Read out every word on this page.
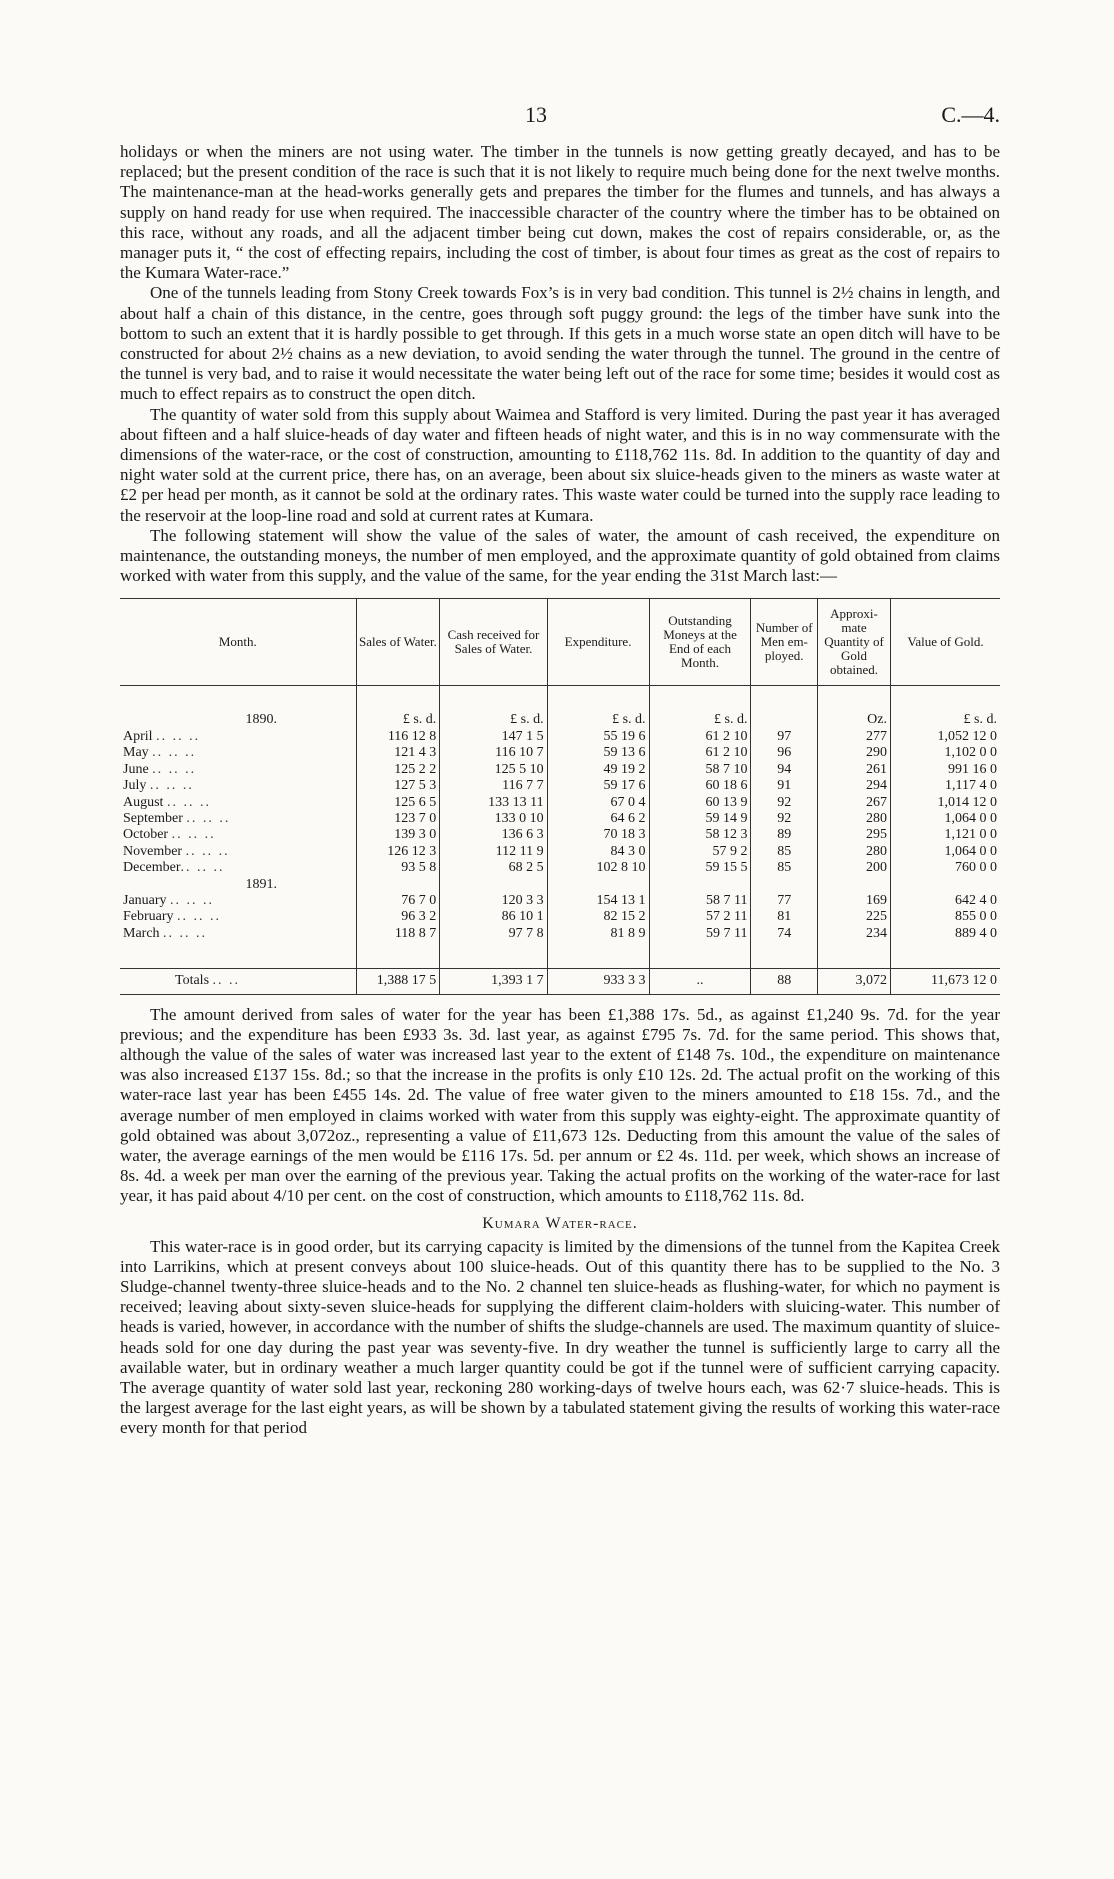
13	C.—4.

holidays or when the miners are not using water. The timber in the tunnels is now getting greatly decayed, and has to be replaced; but the present condition of the race is such that it is not likely to require much being done for the next twelve months. The maintenance-man at the head-works generally gets and prepares the timber for the flumes and tunnels, and has always a supply on hand ready for use when required. The inaccessible character of the country where the timber has to be obtained on this race, without any roads, and all the adjacent timber being cut down, makes the cost of repairs considerable, or, as the manager puts it, “ the cost of effecting repairs, including the cost of timber, is about four times as great as the cost of repairs to the Kumara Water-race.”

One of the tunnels leading from Stony Creek towards Fox’s is in very bad condition. This tunnel is 2½ chains in length, and about half a chain of this distance, in the centre, goes through soft puggy ground: the legs of the timber have sunk into the bottom to such an extent that it is hardly possible to get through. If this gets in a much worse state an open ditch will have to be constructed for about 2½ chains as a new deviation, to avoid sending the water through the tunnel. The ground in the centre of the tunnel is very bad, and to raise it would necessitate the water being left out of the race for some time; besides it would cost as much to effect repairs as to construct the open ditch.

The quantity of water sold from this supply about Waimea and Stafford is very limited. During the past year it has averaged about fifteen and a half sluice-heads of day water and fifteen heads of night water, and this is in no way commensurate with the dimensions of the water-race, or the cost of construction, amounting to £118,762 11s. 8d. In addition to the quantity of day and night water sold at the current price, there has, on an average, been about six sluice-heads given to the miners as waste water at £2 per head per month, as it cannot be sold at the ordinary rates. This waste water could be turned into the supply race leading to the reservoir at the loop-line road and sold at current rates at Kumara.

The following statement will show the value of the sales of water, the amount of cash received, the expenditure on maintenance, the outstanding moneys, the number of men employed, and the approximate quantity of gold obtained from claims worked with water from this supply, and the value of the same, for the year ending the 31st March last:—

Month.	Sales of Water.	Cash received for Sales of Water.	Expenditure.	Outstanding Moneys at the End of each Month.	Number of Men em-ployed.	Approxi-mate Quantity of Gold obtained.	Value of Gold.

1890.	£ s. d.	£ s. d.	£ s. d.	£ s. d.		Oz.	£ s. d.
April .. .. ..	116 12 8	147 1 5	55 19 6	61 2 10	97	277	1,052 12 0
May .. .. ..	121 4 3	116 10 7	59 13 6	61 2 10	96	290	1,102 0 0
June .. .. ..	125 2 2	125 5 10	49 19 2	58 7 10	94	261	991 16 0
July .. .. ..	127 5 3	116 7 7	59 17 6	60 18 6	91	294	1,117 4 0
August .. .. ..	125 6 5	133 13 11	67 0 4	60 13 9	92	267	1,014 12 0
September .. .. ..	123 7 0	133 0 10	64 6 2	59 14 9	92	280	1,064 0 0
October .. .. ..	139 3 0	136 6 3	70 18 3	58 12 3	89	295	1,121 0 0
November .. .. ..	126 12 3	112 11 9	84 3 0	57 9 2	85	280	1,064 0 0
December.. .. ..	93 5 8	68 2 5	102 8 10	59 15 5	85	200	760 0 0
1891.							
January .. .. ..	76 7 0	120 3 3	154 13 1	58 7 11	77	169	642 4 0
February .. .. ..	96 3 2	86 10 1	82 15 2	57 2 11	81	225	855 0 0
March .. .. ..	118 8 7	97 7 8	81 8 9	59 7 11	74	234	889 4 0

Totals .. ..	1,388 17 5	1,393 1 7	933 3 3	..	88	3,072	11,673 12 0

The amount derived from sales of water for the year has been £1,388 17s. 5d., as against £1,240 9s. 7d. for the year previous; and the expenditure has been £933 3s. 3d. last year, as against £795 7s. 7d. for the same period. This shows that, although the value of the sales of water was increased last year to the extent of £148 7s. 10d., the expenditure on maintenance was also increased £137 15s. 8d.; so that the increase in the profits is only £10 12s. 2d. The actual profit on the working of this water-race last year has been £455 14s. 2d. The value of free water given to the miners amounted to £18 15s. 7d., and the average number of men employed in claims worked with water from this supply was eighty-eight. The approximate quantity of gold obtained was about 3,072oz., representing a value of £11,673 12s. Deducting from this amount the value of the sales of water, the average earnings of the men would be £116 17s. 5d. per annum or £2 4s. 11d. per week, which shows an increase of 8s. 4d. a week per man over the earning of the previous year. Taking the actual profits on the working of the water-race for last year, it has paid about 4/10 per cent. on the cost of construction, which amounts to £118,762 11s. 8d.

Kumara Water-race.

This water-race is in good order, but its carrying capacity is limited by the dimensions of the tunnel from the Kapitea Creek into Larrikins, which at present conveys about 100 sluice-heads. Out of this quantity there has to be supplied to the No. 3 Sludge-channel twenty-three sluice-heads and to the No. 2 channel ten sluice-heads as flushing-water, for which no payment is received; leaving about sixty-seven sluice-heads for supplying the different claim-holders with sluicing-water. This number of heads is varied, however, in accordance with the number of shifts the sludge-channels are used. The maximum quantity of sluice-heads sold for one day during the past year was seventy-five. In dry weather the tunnel is sufficiently large to carry all the available water, but in ordinary weather a much larger quantity could be got if the tunnel were of sufficient carrying capacity. The average quantity of water sold last year, reckoning 280 working-days of twelve hours each, was 62·7 sluice-heads. This is the largest average for the last eight years, as will be shown by a tabulated statement giving the results of working this water-race every month for that period
